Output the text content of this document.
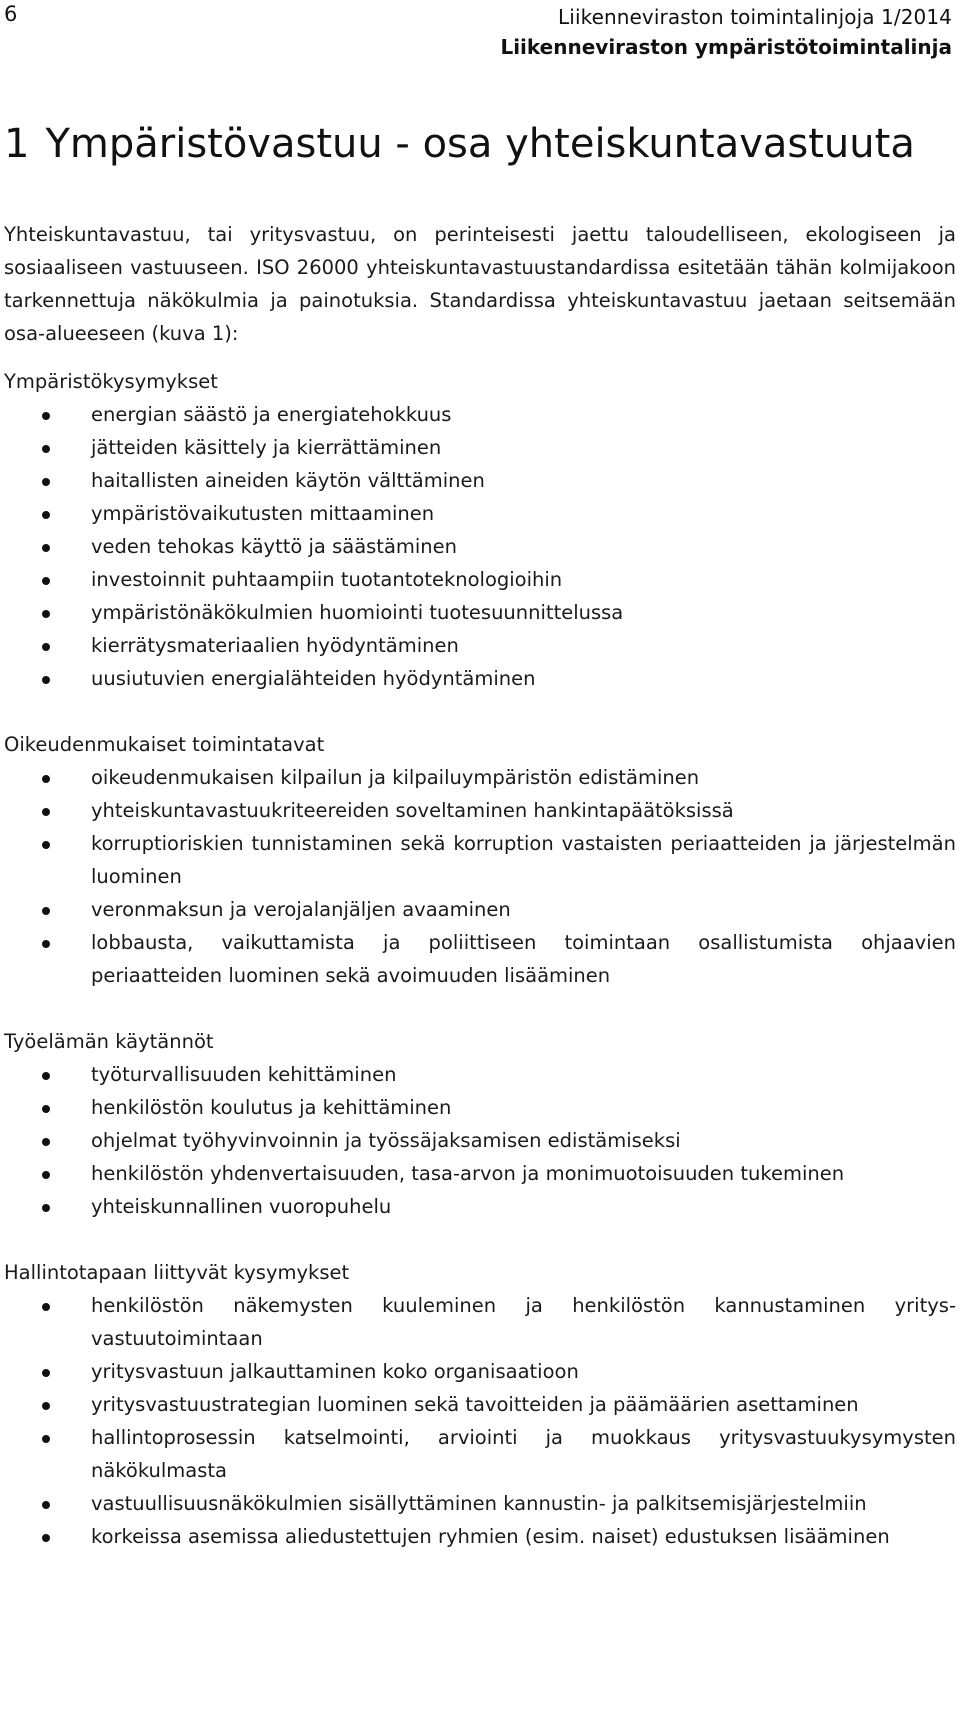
6	Liikenneviraston toimintalinjoja 1/2014
Liikenneviraston ympäristötoimintalinja
1 Ympäristövastuu - osa yhteiskuntavastuuta

Yhteiskuntavastuu, tai yritysvastuu, on perinteisesti jaettu taloudelliseen, ekologiseen ja sosiaaliseen vastuuseen. ISO 26000 yhteiskuntavastuustandardissa esitetään tähän kolmijakoon tarkennettuja näkökulmia ja painotuksia. Standardissa yhteiskuntavastuu jaetaan seitsemään osa-alueeseen (kuva 1):

Ympäristökysymykset
energian säästö ja energiatehokkuus
jätteiden käsittely ja kierrättäminen
haitallisten aineiden käytön välttäminen
ympäristövaikutusten mittaaminen
veden tehokas käyttö ja säästäminen
investoinnit puhtaampiin tuotantoteknologioihin
ympäristönäkökulmien huomiointi tuotesuunnittelussa
kierrätysmateriaalien hyödyntäminen
uusiutuvien energialähteiden hyödyntäminen
Oikeudenmukaiset toimintatavat
oikeudenmukaisen kilpailun ja kilpailuympäristön edistäminen
yhteiskuntavastuukriteereiden soveltaminen hankintapäätöksissä
korruptioriskien tunnistaminen sekä korruption vastaisten periaatteiden ja järjestelmän luominen
veronmaksun ja verojalanjäljen avaaminen
lobbausta, vaikuttamista ja poliittiseen toimintaan osallistumista ohjaavien periaatteiden luominen sekä avoimuuden lisääminen
Työelämän käytännöt
työturvallisuuden kehittäminen
henkilöstön koulutus ja kehittäminen
ohjelmat työhyvinvoinnin ja työssäjaksamisen edistämiseksi
henkilöstön yhdenvertaisuuden, tasa-arvon ja monimuotoisuuden tukeminen
yhteiskunnallinen vuoropuhelu
Hallintotapaan liittyvät kysymykset
henkilöstön näkemysten kuuleminen ja henkilöstön kannustaminen yritysvastuutoimintaan
yritysvastuun jalkauttaminen koko organisaatioon
yritysvastuustrategian luominen sekä tavoitteiden ja päämäärien asettaminen
hallintoprosessin katselmointi, arviointi ja muokkaus yritysvastuukysymysten näkökulmasta
vastuullisuusnäkökulmien sisällyttäminen kannustin- ja palkitsemisjärjestelmiin
korkeissa asemissa aliedustettujen ryhmien (esim. naiset) edustuksen lisääminen
